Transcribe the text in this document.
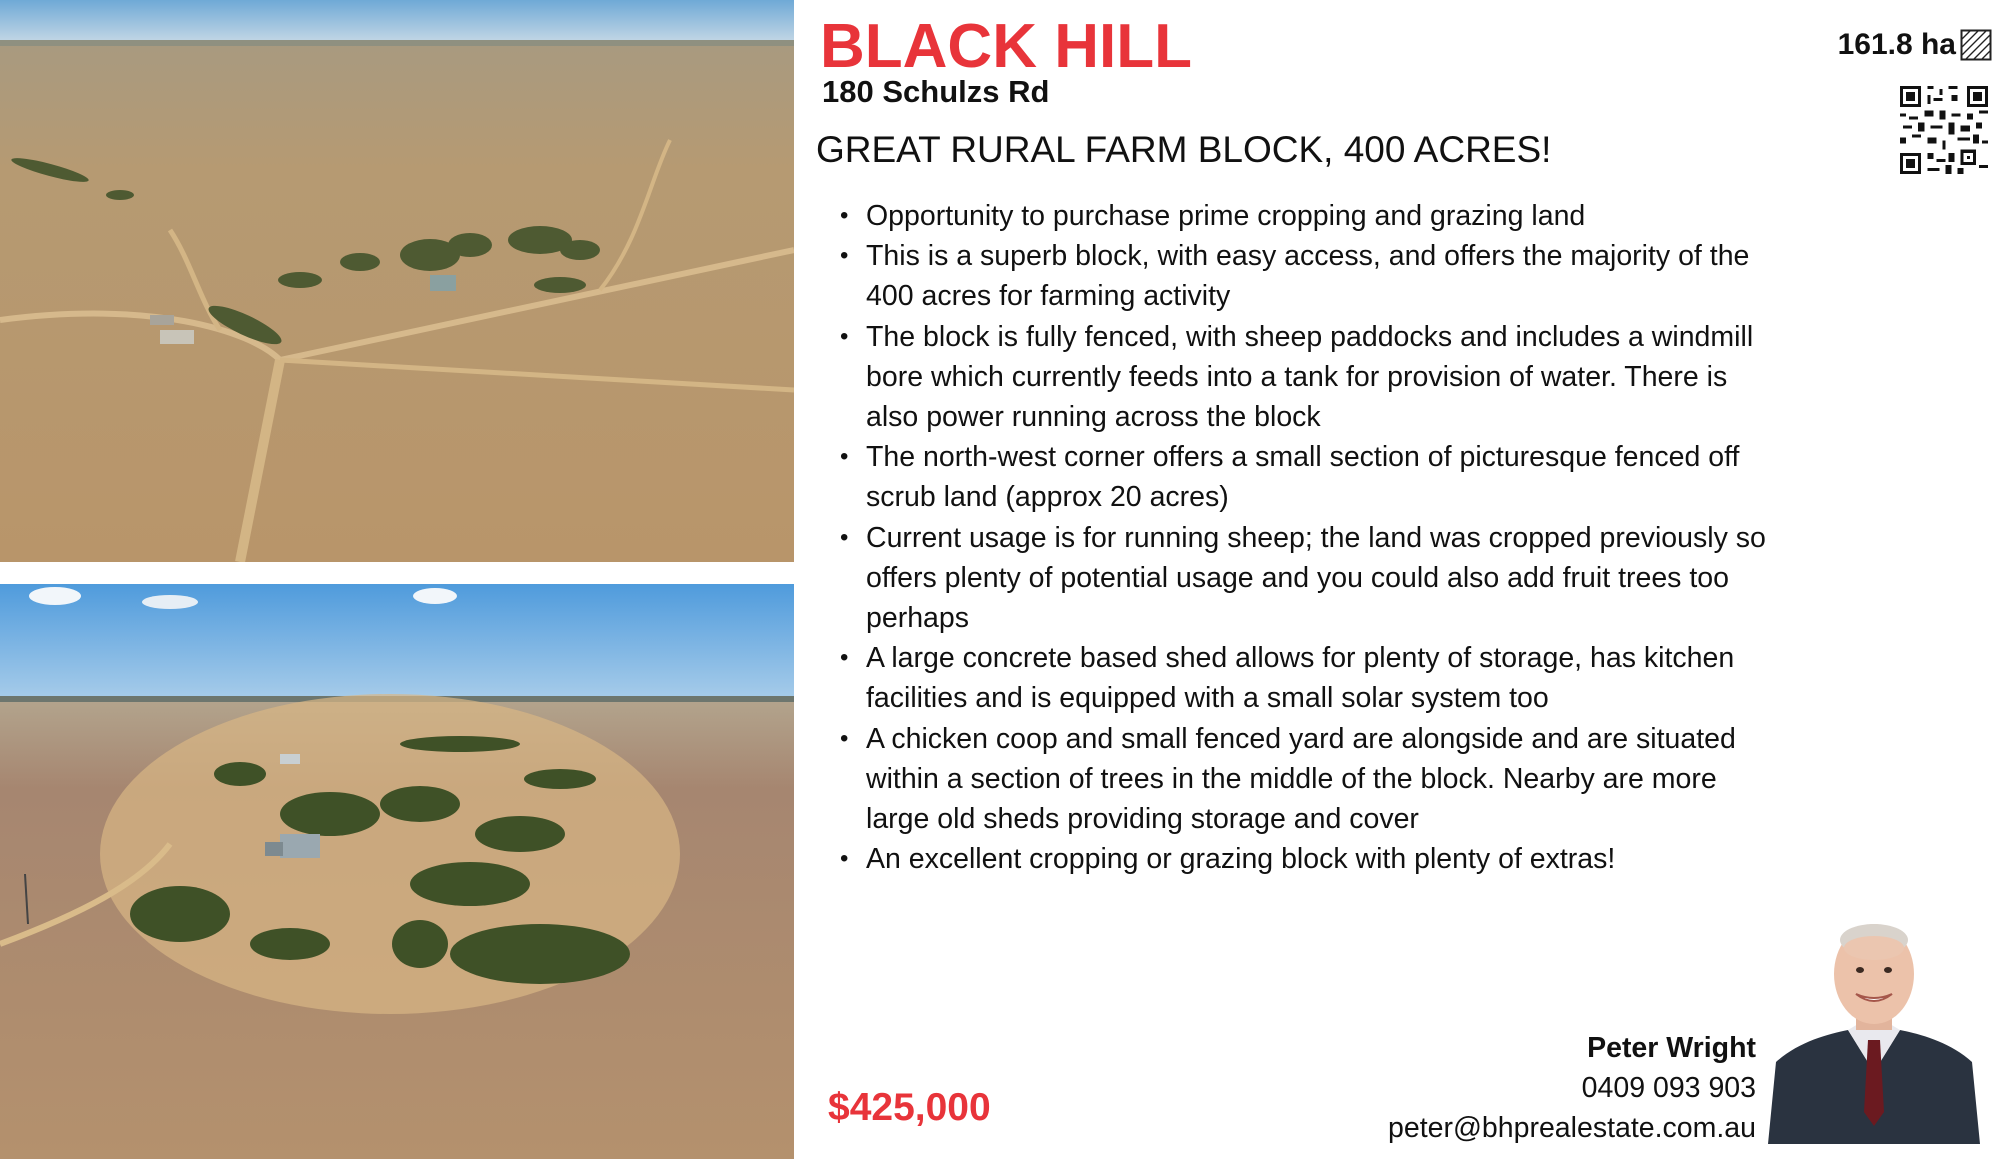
BLACK HILL
180 Schulzs Rd
GREAT RURAL FARM BLOCK, 400 ACRES!
161.8 ha
• Opportunity to purchase prime cropping and grazing land
• This is a superb block, with easy access, and offers the majority of the 400 acres for farming activity
• The block is fully fenced, with sheep paddocks and includes a windmill bore which currently feeds into a tank for provision of water. There is also power running across the block
• The north-west corner offers a small section of picturesque fenced off scrub land (approx 20 acres)
• Current usage is for running sheep; the land was cropped previously so offers plenty of potential usage and you could also add fruit trees too perhaps
• A large concrete based shed allows for plenty of storage, has kitchen facilities and is equipped with a small solar system too
• A chicken coop and small fenced yard are alongside and are situated within a section of trees in the middle of the block. Nearby are more large old sheds providing storage and cover
• An excellent cropping or grazing block with plenty of extras!
$425,000
Peter Wright
0409 093 903
peter@bhprealestate.com.au
